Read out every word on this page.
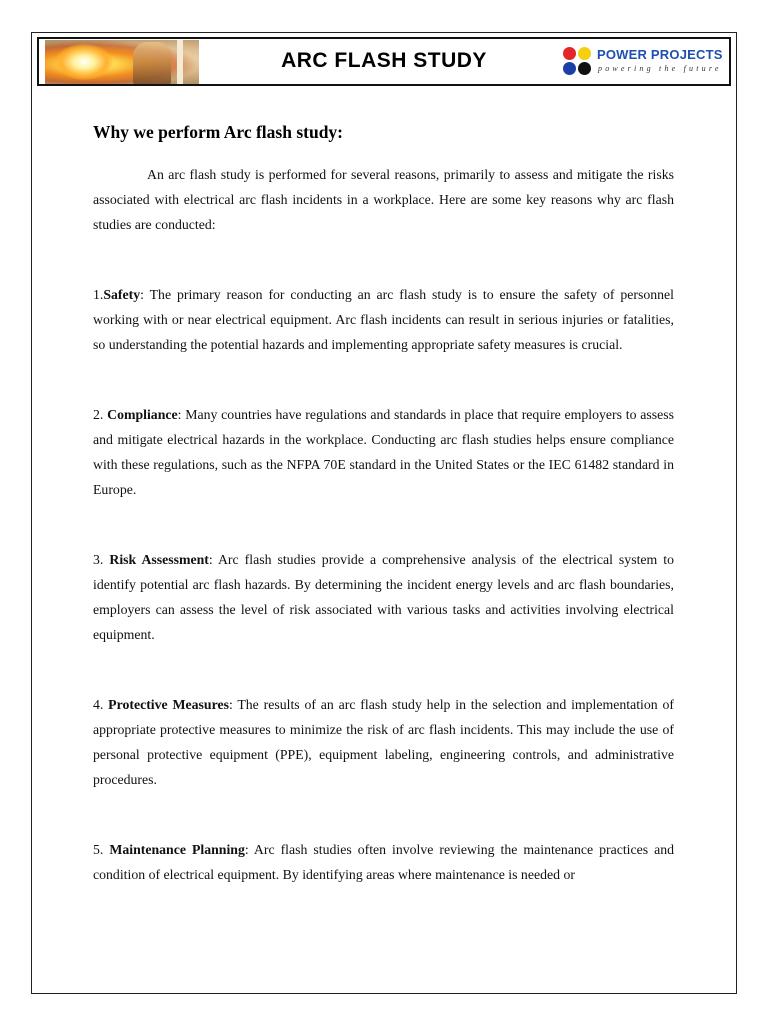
ARC FLASH STUDY	POWER PROJECTS
powering the future
Why we perform Arc flash study:

An arc flash study is performed for several reasons, primarily to assess and mitigate the risks associated with electrical arc flash incidents in a workplace. Here are some key reasons why arc flash studies are conducted:

1.Safety: The primary reason for conducting an arc flash study is to ensure the safety of personnel working with or near electrical equipment. Arc flash incidents can result in serious injuries or fatalities, so understanding the potential hazards and implementing appropriate safety measures is crucial.

2. Compliance: Many countries have regulations and standards in place that require employers to assess and mitigate electrical hazards in the workplace. Conducting arc flash studies helps ensure compliance with these regulations, such as the NFPA 70E standard in the United States or the IEC 61482 standard in Europe.

3. Risk Assessment: Arc flash studies provide a comprehensive analysis of the electrical system to identify potential arc flash hazards. By determining the incident energy levels and arc flash boundaries, employers can assess the level of risk associated with various tasks and activities involving electrical equipment.

4. Protective Measures: The results of an arc flash study help in the selection and implementation of appropriate protective measures to minimize the risk of arc flash incidents. This may include the use of personal protective equipment (PPE), equipment labeling, engineering controls, and administrative procedures.

5. Maintenance Planning: Arc flash studies often involve reviewing the maintenance practices and condition of electrical equipment. By identifying areas where maintenance is needed or
